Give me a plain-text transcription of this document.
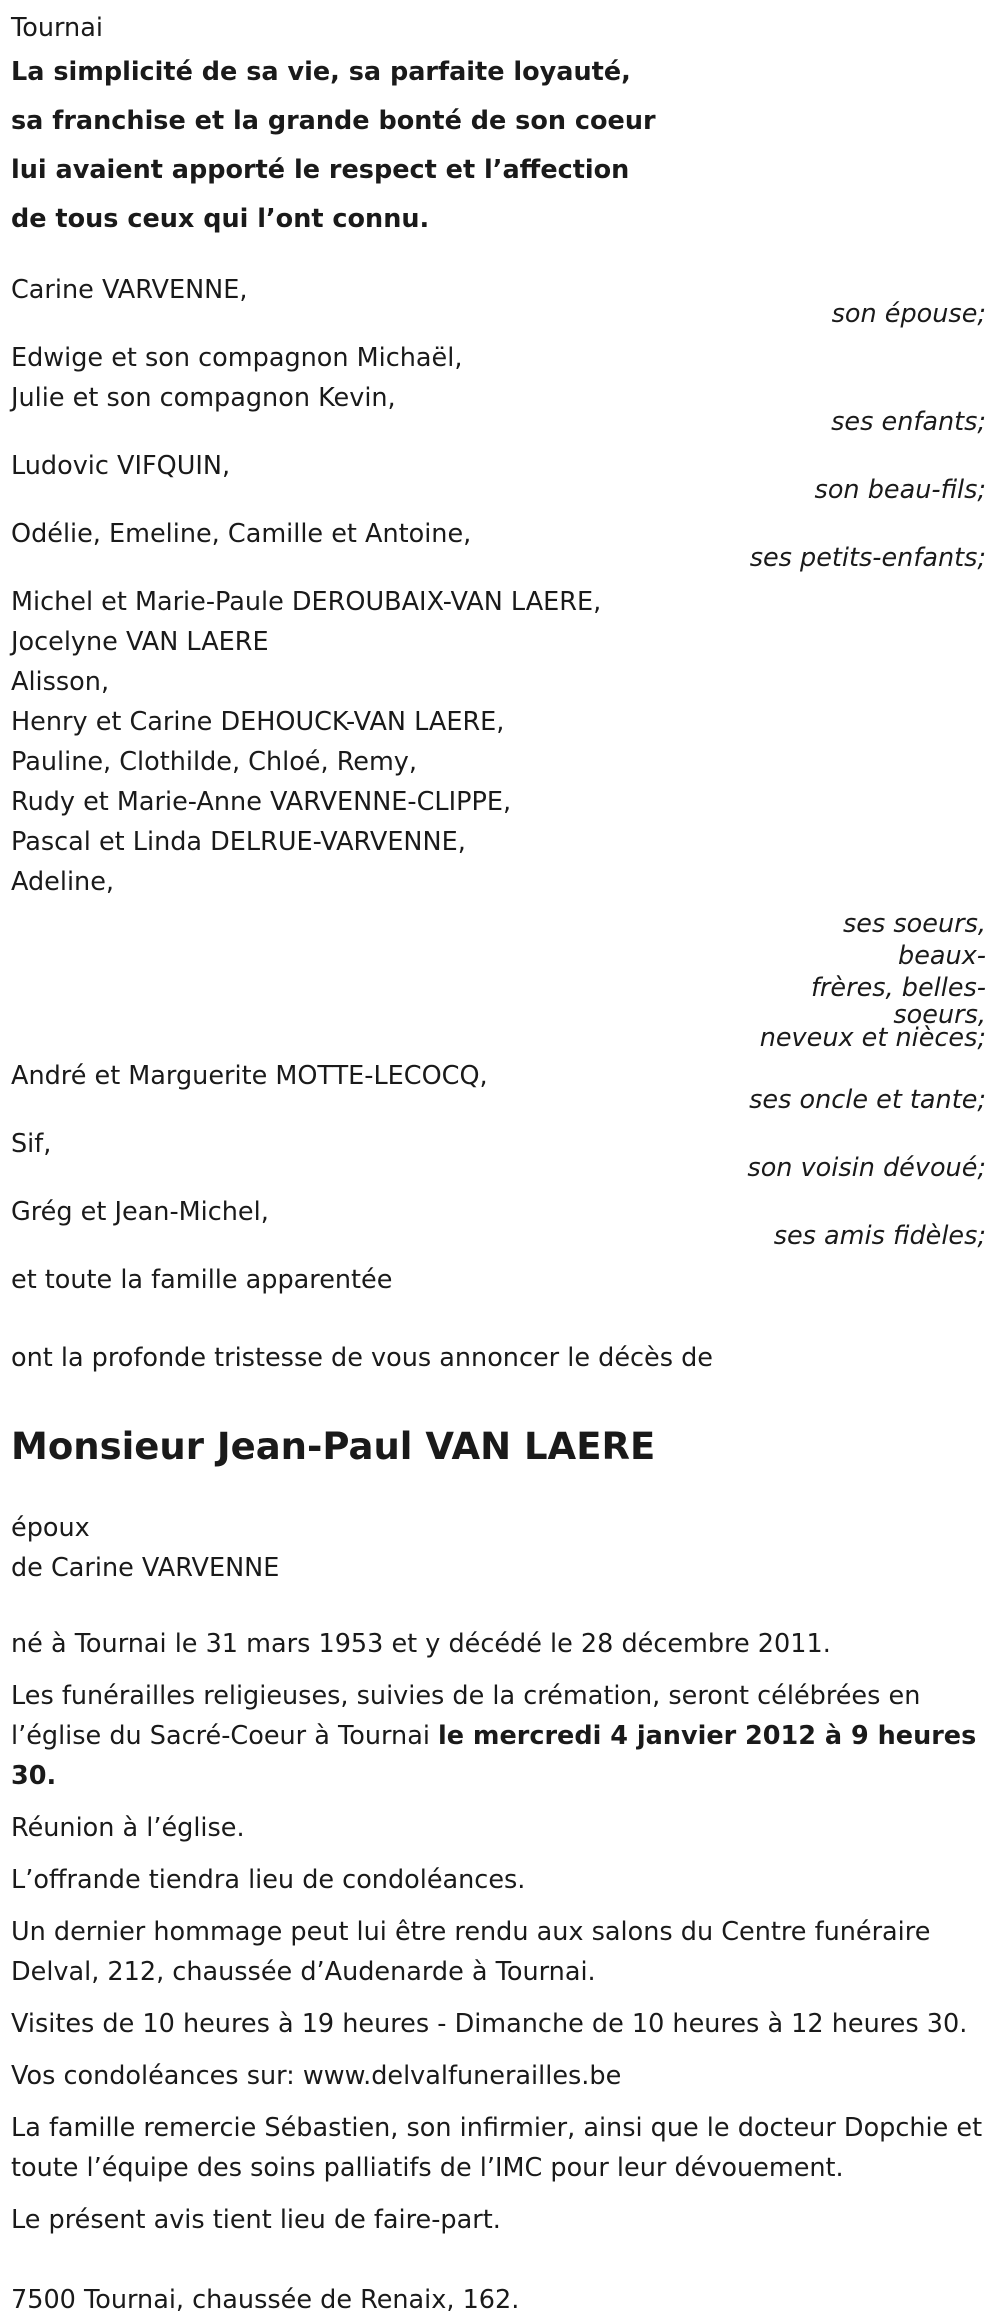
Tournai

La simplicité de sa vie, sa parfaite loyauté,

sa franchise et la grande bonté de son coeur

lui avaient apporté le respect et l’affection

de tous ceux qui l’ont connu.

Carine VARVENNE,

son épouse;

Edwige et son compagnon Michaël,

Julie et son compagnon Kevin,

ses enfants;

Ludovic VIFQUIN,

son beau-fils;

Odélie, Emeline, Camille et Antoine,

ses petits-enfants;

Michel et Marie-Paule DEROUBAIX-VAN LAERE,

Jocelyne VAN LAERE

Alisson,

Henry et Carine DEHOUCK-VAN LAERE,

Pauline, Clothilde, Chloé, Remy,

Rudy et Marie-Anne VARVENNE-CLIPPE,

Pascal et Linda DELRUE-VARVENNE,

Adeline,

ses soeurs, beaux-
frères, belles-
soeurs,
neveux et nièces;

André et Marguerite MOTTE-LECOCQ,

ses oncle et tante;

Sif,

son voisin dévoué;

Grég et Jean-Michel,

ses amis fidèles;

et toute la famille apparentée

ont la profonde tristesse de vous annoncer le décès de

Monsieur Jean-Paul VAN LAERE

époux

de Carine VARVENNE

né à Tournai le 31 mars 1953 et y décédé le 28 décembre 2011.

Les funérailles religieuses, suivies de la crémation, seront célébrées en l’église du Sacré-Coeur à Tournai le mercredi 4 janvier 2012 à 9 heures 30.

Réunion à l’église.

L’offrande tiendra lieu de condoléances.

Un dernier hommage peut lui être rendu aux salons du Centre funéraire Delval, 212, chaussée d’Audenarde à Tournai.

Visites de 10 heures à 19 heures - Dimanche de 10 heures à 12 heures 30.

Vos condoléances sur: www.delvalfunerailles.be

La famille remercie Sébastien, son infirmier, ainsi que le docteur Dopchie et toute l’équipe des soins palliatifs de l’IMC pour leur dévouement.

Le présent avis tient lieu de faire-part.

7500 Tournai, chaussée de Renaix, 162.
